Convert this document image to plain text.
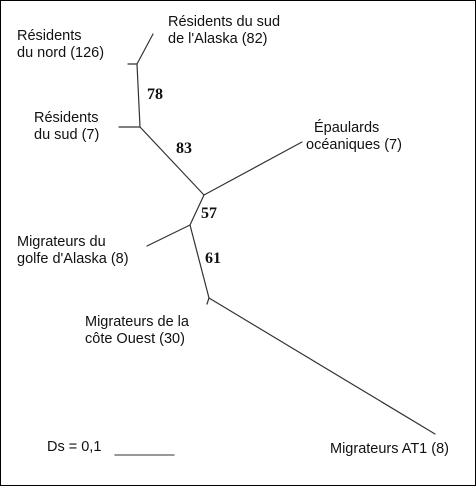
Résidents du sud
de l'Alaska (82)
Résidents
du nord (126)
Résidents
du sud (7)	Épaulards
océaniques (7)
Migrateurs du
golfe d'Alaska (8)
Migrateurs de la
côte Ouest (30)
Migrateurs AT1 (8)
78
83
57
61
Ds = 0,1
